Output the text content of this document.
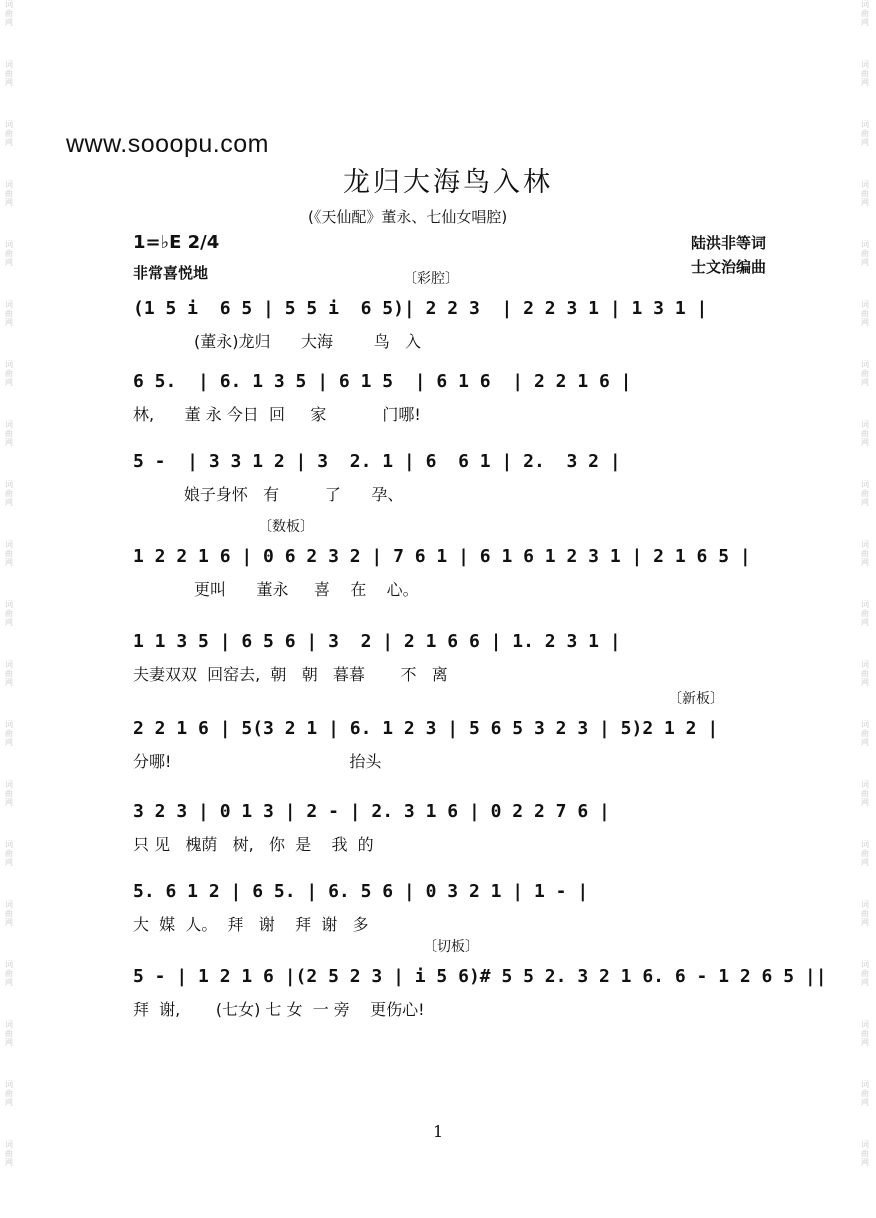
词
曲
网
词
曲
网
词
曲
网
词
曲
网
词
曲
网
词
曲
网
词
曲
网
词
曲
网
词
曲
网
词
曲
网
词
曲
网
词
曲
网
词
曲
网
词
曲
网
词
曲
网
词
曲
网
词
曲
网
词
曲
网
词
曲
网
词
曲
网
词
曲
网
词
曲
网
词
曲
网
词
曲
网
词
曲
网
词
曲
网
词
曲
网
词
曲
网
词
曲
网
词
曲
网
词
曲
网
词
曲
网
词
曲
网
词
曲
网
词
曲
网
词
曲
网
词
曲
网
词
曲
网
词
曲
网
词
曲
网
www.sooopu.com
龙归大海鸟入林
(《天仙配》董永、七仙女唱腔)
1=♭E 2/4
非常喜悦地
陆洪非等词
士文治编曲
〔彩腔〕
(1 5 i  6 5 | 5 5 i  6 5)| 2 2 3  | 2 2 3 1 | 1 3 1 |
(董永)龙归      大海        鸟   入
6 5.  | 6. 1 3 5 | 6 1 5  | 6 1 6  | 2 2 1 6 |
林,      董 永 今日  回     家           门哪!
5 -  | 3 3 1 2 | 3  2. 1 | 6  6 1 | 2.  3 2 |
娘子身怀   有         了      孕、
〔数板〕
1 2 2 1 6 | 0 6 2 3 2 | 7 6 1 | 6 1 6 1 2 3 1 | 2 1 6 5 |
更叫      董永     喜    在    心。
1 1 3 5 | 6 5 6 | 3  2 | 2 1 6 6 | 1. 2 3 1 |
夫妻双双  回窑去,  朝   朝   暮暮       不   离
〔新板〕
2 2 1 6 | 5(3 2 1 | 6. 1 2 3 | 5 6 5 3 2 3 | 5)2 1 2 |
分哪!                                   抬头
3 2 3 | 0 1 3 | 2 - | 2. 3 1 6 | 0 2 2 7 6 |
只 见   槐荫   树,   你  是    我  的
5. 6 1 2 | 6 5. | 6. 5 6 | 0 3 2 1 | 1 - |
大  媒  人。  拜   谢    拜  谢   多
〔切板〕
5 - | 1 2 1 6 |(2 5 2 3 | i 5 6)# 5 5 2. 3 2 1 6. 6 - 1 2 6 5 ||
拜  谢,       (七女) 七 女  一 旁    更伤心!
1
